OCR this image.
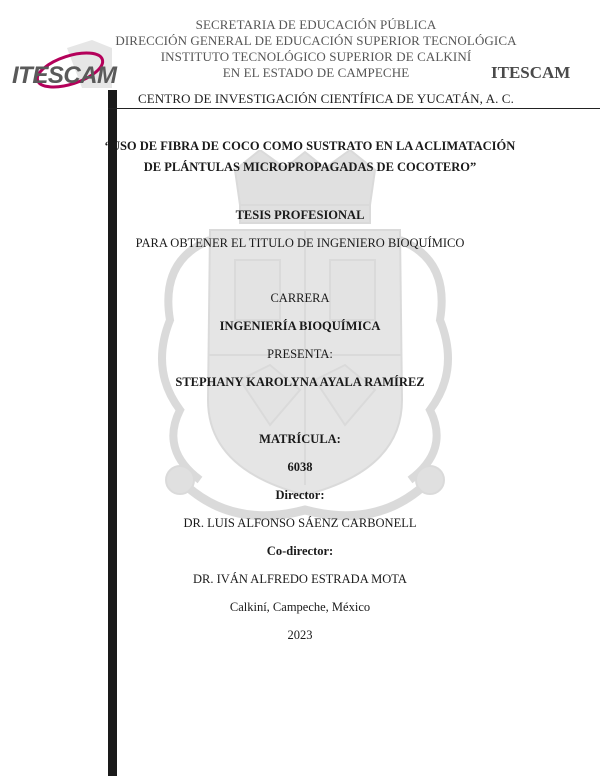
ITESCAM
SECRETARIA DE EDUCACIÓN PÚBLICA
DIRECCIÓN GENERAL DE EDUCACIÓN SUPERIOR TECNOLÓGICA
INSTITUTO TECNOLÓGICO SUPERIOR DE CALKINÍ
EN EL ESTADO DE CAMPECHE	ITESCAM
CENTRO DE INVESTIGACIÓN CIENTÍFICA DE YUCATÁN, A. C.
“USO DE FIBRA DE COCO COMO SUSTRATO EN LA ACLIMATACIÓN DE PLÁNTULAS MICROPROPAGADAS DE COCOTERO”
TESIS PROFESIONAL
PARA OBTENER EL TITULO DE INGENIERO BIOQUÍMICO
CARRERA
INGENIERÍA BIOQUÍMICA
PRESENTA:
STEPHANY KAROLYNA AYALA RAMÍREZ
MATRÍCULA:
6038
Director:
DR. LUIS ALFONSO SÁENZ CARBONELL
Co-director:
DR. IVÁN ALFREDO ESTRADA MOTA
Calkiní, Campeche, México
2023
